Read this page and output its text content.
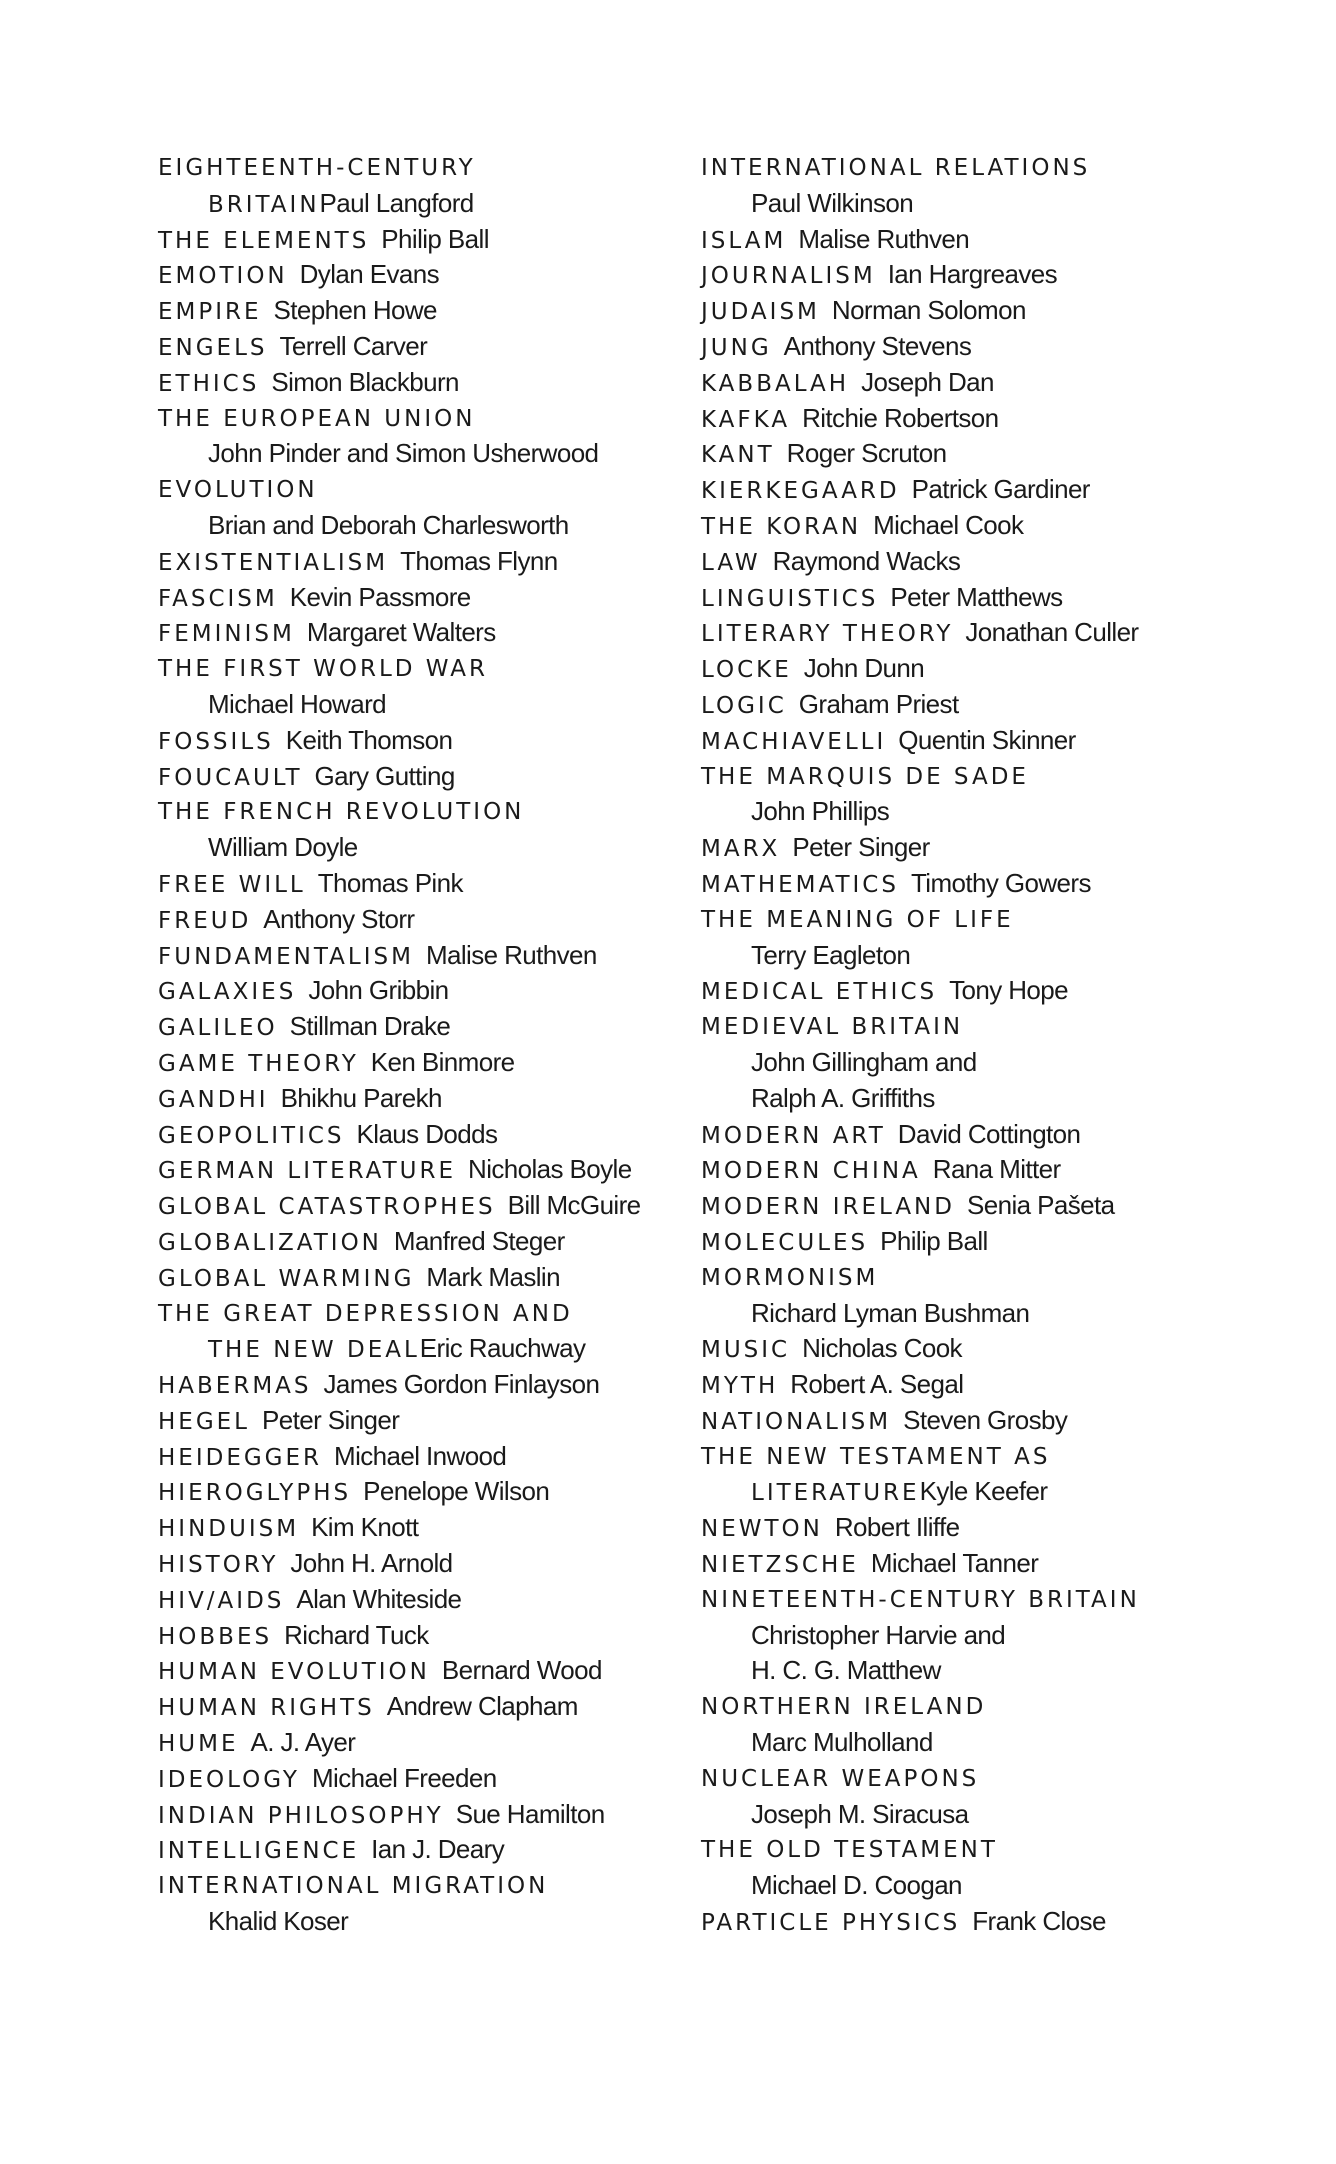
EIGHTEENTH-CENTURY
BRITAINPaul Langford
THE ELEMENTS Philip Ball
EMOTION Dylan Evans
EMPIRE Stephen Howe
ENGELS Terrell Carver
ETHICS Simon Blackburn
THE EUROPEAN UNION
John Pinder and Simon Usherwood
EVOLUTION
Brian and Deborah Charlesworth
EXISTENTIALISM Thomas Flynn
FASCISM Kevin Passmore
FEMINISM Margaret Walters
THE FIRST WORLD WAR
Michael Howard
FOSSILS Keith Thomson
FOUCAULT Gary Gutting
THE FRENCH REVOLUTION
William Doyle
FREE WILL Thomas Pink
FREUD Anthony Storr
FUNDAMENTALISM Malise Ruthven
GALAXIES John Gribbin
GALILEO Stillman Drake
GAME THEORY Ken Binmore
GANDHI Bhikhu Parekh
GEOPOLITICS Klaus Dodds
GERMAN LITERATURE Nicholas Boyle
GLOBAL CATASTROPHES Bill McGuire
GLOBALIZATION Manfred Steger
GLOBAL WARMING Mark Maslin
THE GREAT DEPRESSION AND
THE NEW DEALEric Rauchway
HABERMAS James Gordon Finlayson
HEGEL Peter Singer
HEIDEGGER Michael Inwood
HIEROGLYPHS Penelope Wilson
HINDUISM Kim Knott
HISTORY John H. Arnold
HIV/AIDS Alan Whiteside
HOBBES Richard Tuck
HUMAN EVOLUTION Bernard Wood
HUMAN RIGHTS Andrew Clapham
HUME A. J. Ayer
IDEOLOGY Michael Freeden
INDIAN PHILOSOPHY Sue Hamilton
INTELLIGENCE Ian J. Deary
INTERNATIONAL MIGRATION
Khalid Koser
INTERNATIONAL RELATIONS
Paul Wilkinson
ISLAM Malise Ruthven
JOURNALISM Ian Hargreaves
JUDAISM Norman Solomon
JUNG Anthony Stevens
KABBALAH Joseph Dan
KAFKA Ritchie Robertson
KANT Roger Scruton
KIERKEGAARD Patrick Gardiner
THE KORAN Michael Cook
LAW Raymond Wacks
LINGUISTICS Peter Matthews
LITERARY THEORY Jonathan Culler
LOCKE John Dunn
LOGIC Graham Priest
MACHIAVELLI Quentin Skinner
THE MARQUIS DE SADE
John Phillips
MARX Peter Singer
MATHEMATICS Timothy Gowers
THE MEANING OF LIFE
Terry Eagleton
MEDICAL ETHICS Tony Hope
MEDIEVAL BRITAIN
John Gillingham and
Ralph A. Griffiths
MODERN ART David Cottington
MODERN CHINA Rana Mitter
MODERN IRELAND Senia Pašeta
MOLECULES Philip Ball
MORMONISM
Richard Lyman Bushman
MUSIC Nicholas Cook
MYTH Robert A. Segal
NATIONALISM Steven Grosby
THE NEW TESTAMENT AS
LITERATUREKyle Keefer
NEWTON Robert Iliffe
NIETZSCHE Michael Tanner
NINETEENTH-CENTURY BRITAIN
Christopher Harvie and
H. C. G. Matthew
NORTHERN IRELAND
Marc Mulholland
NUCLEAR WEAPONS
Joseph M. Siracusa
THE OLD TESTAMENT
Michael D. Coogan
PARTICLE PHYSICS Frank Close
